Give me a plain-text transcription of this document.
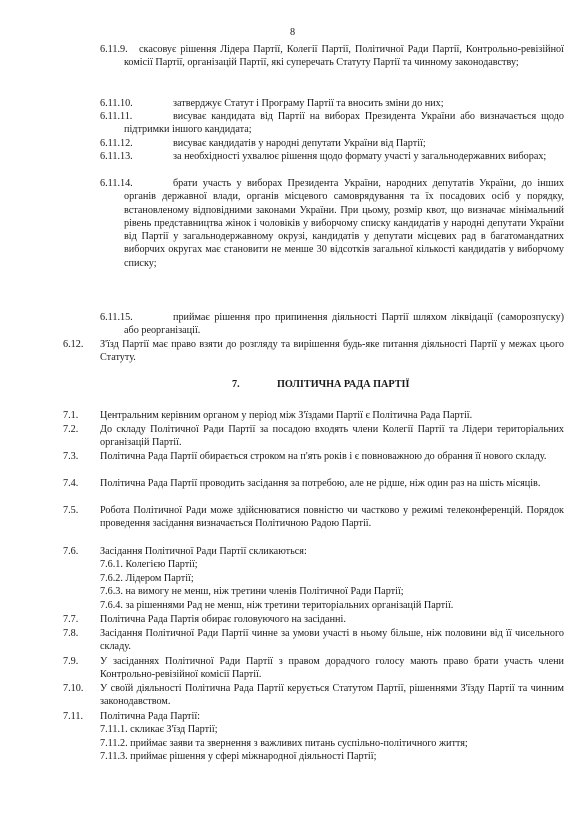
8
6.11.9.	скасовує рішення Лідера Партії, Колегії Партії, Політичної Ради Партії, Контрольно-ревізійної комісії Партії, організацій Партії, які суперечать Статуту Партії та чинному законодавству;
6.11.10.	затверджує Статут і Програму Партії та вносить зміни до них;
6.11.11.	висуває кандидата від Партії на виборах Президента України або визначається щодо підтримки іншого кандидата;
6.11.12.	висуває кандидатів у народні депутати України від Партії;
6.11.13.	за необхідності ухвалює рішення щодо формату участі у загальнодержавних виборах;
6.11.14.	брати участь у виборах Президента України, народних депутатів України, до інших органів державної влади, органів місцевого самоврядування та їх посадових осіб у порядку, встановленому відповідними законами України. При цьому, розмір квот, що визначає мінімальний рівень представництва жінок і чоловіків у виборчому списку кандидатів у народні депутати України від Партії у загальнодержавному окрузі, кандидатів у депутати місцевих рад в багатомандатних виборчих округах має становити не менше 30 відсотків загальної кількості кандидатів у виборчому списку;
6.11.15.	приймає рішення про припинення діяльності Партії шляхом ліквідації (саморозпуску) або реорганізації.
6.12. З'їзд Партії має право взяти до розгляду та вирішення будь-яке питання діяльності Партії у межах цього Статуту.
7.	ПОЛІТИЧНА РАДА ПАРТІЇ
7.1. Центральним керівним органом у період між З'їздами Партії є Політична Рада Партії.
7.2. До складу Політичної Ради Партії за посадою входять члени Колегії Партії та Лідери територіальних організацій Партії.
7.3. Політична Рада Партії обирається строком на п'ять років і є повноважною до обрання її нового складу.
7.4. Політична Рада Партії проводить засідання за потребою, але не рідше, ніж один раз на шість місяців.
7.5. Робота Політичної Ради може здійснюватися повністю чи частково у режимі телеконференцій. Порядок проведення засідання визначається Політичною Радою Партії.
7.6. Засідання Політичної Ради Партії скликаються:
7.6.1. Колегією Партії;
7.6.2. Лідером Партії;
7.6.3. на вимогу не менш, ніж третини членів Політичної Ради Партії;
7.6.4. за рішеннями Рад не менш, ніж третини територіальних організацій Партії.
7.7. Політична Рада Партія обирає головуючого на засіданні.
7.8. Засідання Політичної Ради Партії чинне за умови участі в ньому більше, ніж половини від її чисельного складу.
7.9. У засіданнях Політичної Ради Партії з правом дорадчого голосу мають право брати участь члени Контрольно-ревізійної комісії Партії.
7.10. У своїй діяльності Політична Рада Партії керується Статутом Партії, рішеннями З'їзду Партії та чинним законодавством.
7.11. Політична Рада Партії:
7.11.1. скликає З'їзд Партії;
7.11.2. приймає заяви та звернення з важливих питань суспільно-політичного життя;
7.11.3. приймає рішення у сфері міжнародної діяльності Партії;
